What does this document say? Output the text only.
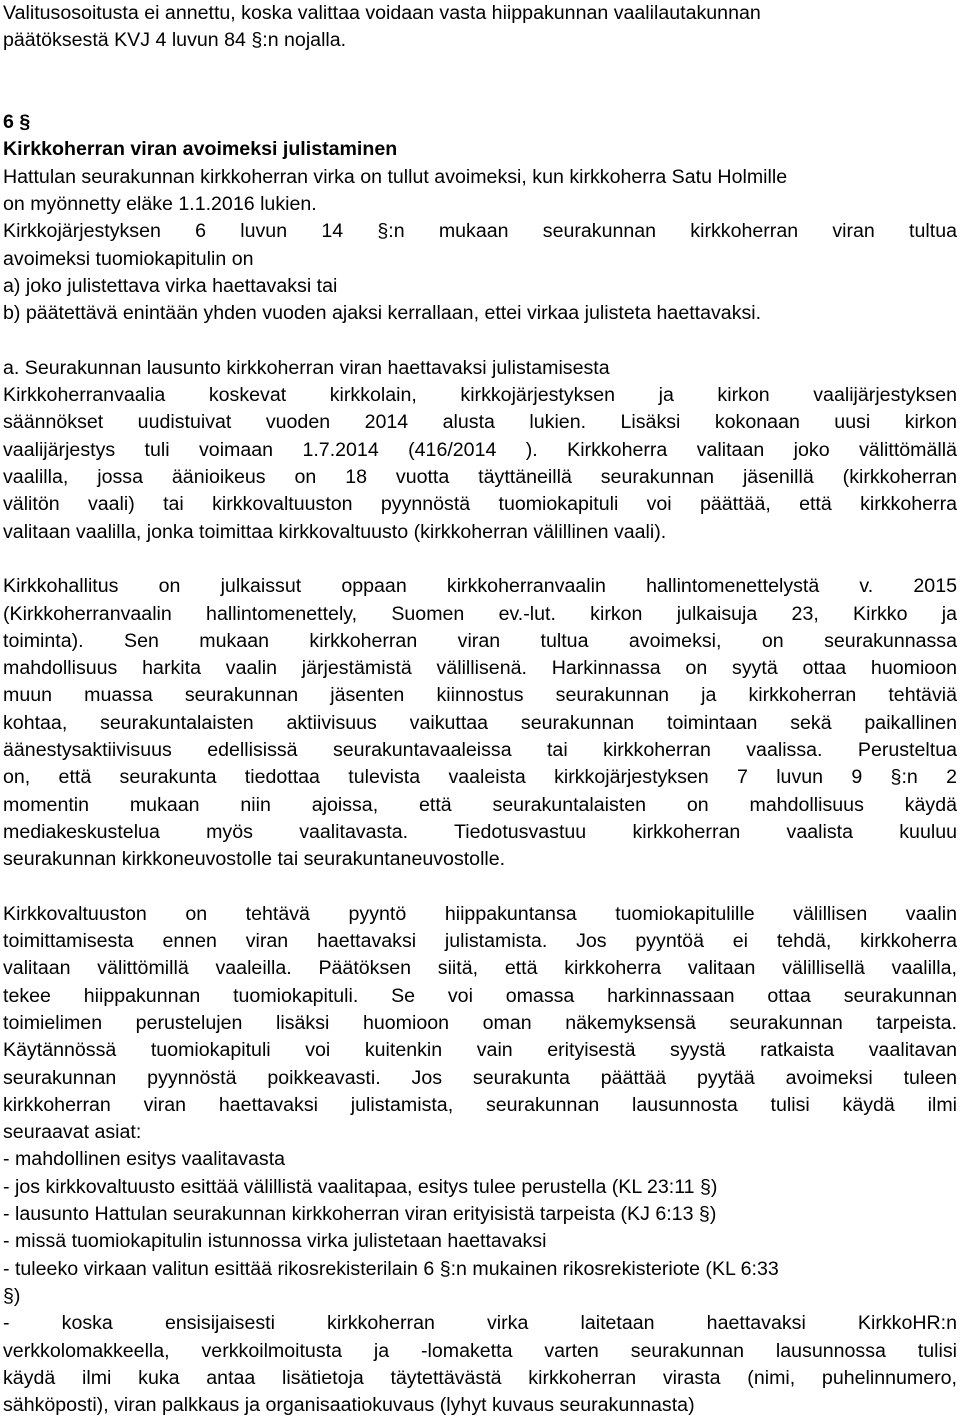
Valitusosoitusta ei annettu, koska valittaa voidaan vasta hiippakunnan vaalilautakunnan
päätöksestä KVJ 4 luvun 84 §:n nojalla.
6 §
Kirkkoherran viran avoimeksi julistaminen
Hattulan seurakunnan kirkkoherran virka on tullut avoimeksi, kun kirkkoherra Satu Holmille
on myönnetty eläke 1.1.2016 lukien.
Kirkkojärjestyksen 6 luvun 14 §:n mukaan seurakunnan kirkkoherran viran tultua
avoimeksi tuomiokapitulin on
a) joko julistettava virka haettavaksi tai
b) päätettävä enintään yhden vuoden ajaksi kerrallaan, ettei virkaa julisteta haettavaksi.
a. Seurakunnan lausunto kirkkoherran viran haettavaksi julistamisesta
Kirkkoherranvaalia koskevat kirkkolain, kirkkojärjestyksen ja kirkon vaalijärjestyksen
säännökset uudistuivat vuoden 2014 alusta lukien. Lisäksi kokonaan uusi kirkon
vaalijärjestys tuli voimaan 1.7.2014 (416/2014 ). Kirkkoherra valitaan joko välittömällä
vaalilla, jossa äänioikeus on 18 vuotta täyttäneillä seurakunnan jäsenillä (kirkkoherran
välitön vaali) tai kirkkovaltuuston pyynnöstä tuomiokapituli voi päättää, että kirkkoherra
valitaan vaalilla, jonka toimittaa kirkkovaltuusto (kirkkoherran välillinen vaali).
Kirkkohallitus on julkaissut oppaan kirkkoherranvaalin hallintomenettelystä v. 2015
(Kirkkoherranvaalin hallintomenettely, Suomen ev.-lut. kirkon julkaisuja 23, Kirkko ja
toiminta). Sen mukaan kirkkoherran viran tultua avoimeksi, on seurakunnassa
mahdollisuus harkita vaalin järjestämistä välillisenä. Harkinnassa on syytä ottaa huomioon
muun muassa seurakunnan jäsenten kiinnostus seurakunnan ja kirkkoherran tehtäviä
kohtaa, seurakuntalaisten aktiivisuus vaikuttaa seurakunnan toimintaan sekä paikallinen
äänestysaktiivisuus edellisissä seurakuntavaaleissa tai kirkkoherran vaalissa. Perusteltua
on, että seurakunta tiedottaa tulevista vaaleista kirkkojärjestyksen 7 luvun 9 §:n 2
momentin mukaan niin ajoissa, että seurakuntalaisten on mahdollisuus käydä
mediakeskustelua myös vaalitavasta. Tiedotusvastuu kirkkoherran vaalista kuuluu
seurakunnan kirkkoneuvostolle tai seurakuntaneuvostolle.
Kirkkovaltuuston on tehtävä pyyntö hiippakuntansa tuomiokapitulille välillisen vaalin
toimittamisesta ennen viran haettavaksi julistamista. Jos pyyntöä ei tehdä, kirkkoherra
valitaan välittömillä vaaleilla. Päätöksen siitä, että kirkkoherra valitaan välillisellä vaalilla,
tekee hiippakunnan tuomiokapituli. Se voi omassa harkinnassaan ottaa seurakunnan
toimielimen perustelujen lisäksi huomioon oman näkemyksensä seurakunnan tarpeista.
Käytännössä tuomiokapituli voi kuitenkin vain erityisestä syystä ratkaista vaalitavan
seurakunnan pyynnöstä poikkeavasti. Jos seurakunta päättää pyytää avoimeksi tuleen
kirkkoherran viran haettavaksi julistamista, seurakunnan lausunnosta tulisi käydä ilmi
seuraavat asiat:
- mahdollinen esitys vaalitavasta
- jos kirkkovaltuusto esittää välillistä vaalitapaa, esitys tulee perustella (KL 23:11 §)
- lausunto Hattulan seurakunnan kirkkoherran viran erityisistä tarpeista (KJ 6:13 §)
- missä tuomiokapitulin istunnossa virka julistetaan haettavaksi
- tuleeko virkaan valitun esittää rikosrekisterilain 6 §:n mukainen rikosrekisteriote (KL 6:33
§)
- koska ensisijaisesti kirkkoherran virka laitetaan haettavaksi KirkkoHR:n
verkkolomakkeella, verkkoilmoitusta ja -lomaketta varten seurakunnan lausunnossa tulisi
käydä ilmi kuka antaa lisätietoja täytettävästä kirkkoherran virasta (nimi, puhelinnumero,
sähköposti), viran palkkaus ja organisaatiokuvaus (lyhyt kuvaus seurakunnasta)
